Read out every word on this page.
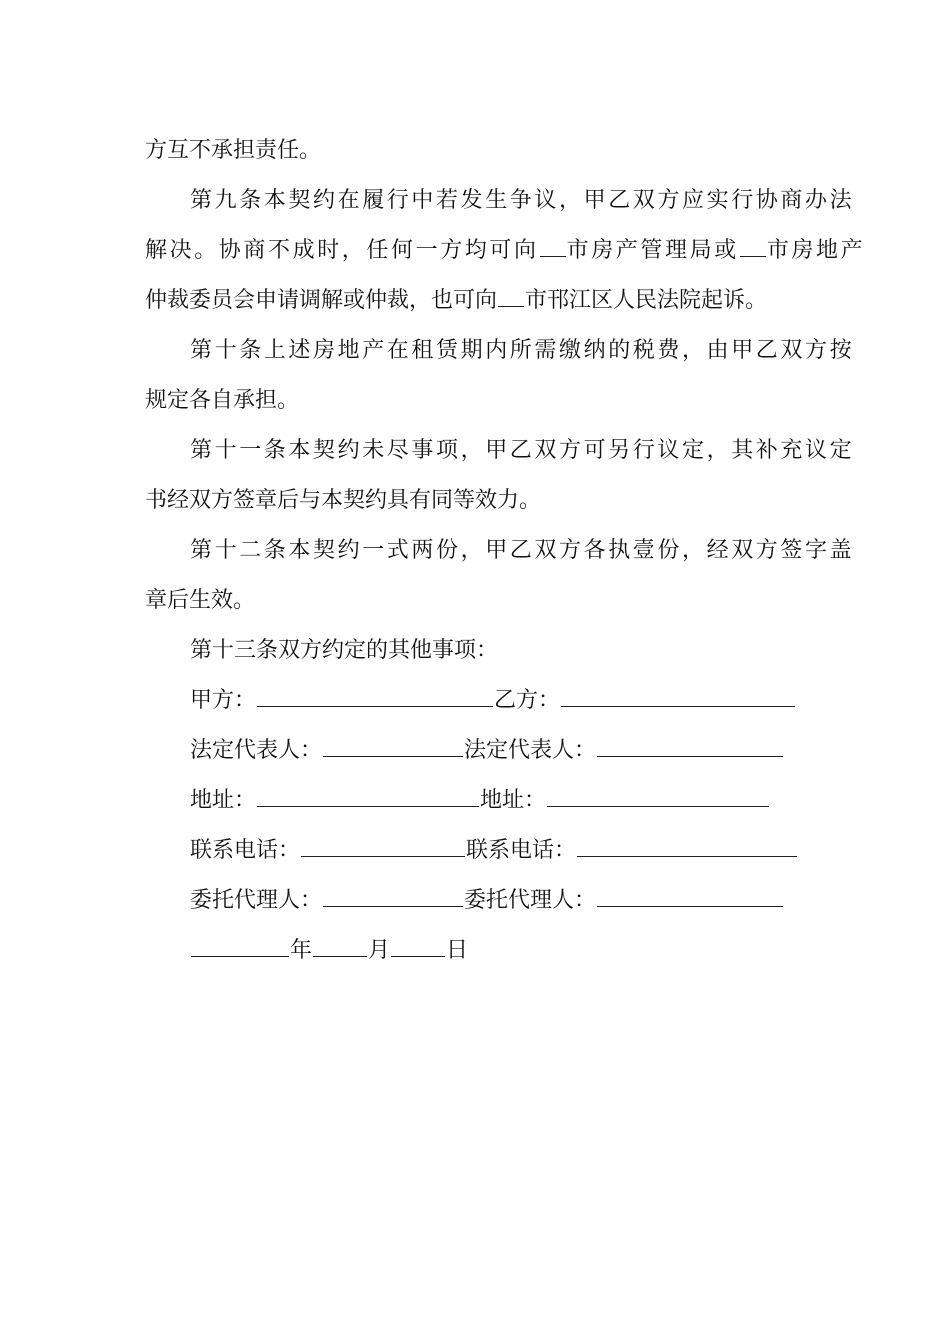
方互不承担责任。
第九条本契约在履行中若发生争议，甲乙双方应实行协商办法
解决。协商不成时，任何一方均可向 市房产管理局或 市房地产
仲裁委员会申请调解或仲裁，也可向 市邗江区人民法院起诉。
第十条上述房地产在租赁期内所需缴纳的税费，由甲乙双方按
规定各自承担。
第十一条本契约未尽事项，甲乙双方可另行议定，其补充议定
书经双方签章后与本契约具有同等效力。
第十二条本契约一式两份，甲乙双方各执壹份，经双方签字盖
章后生效。
第十三条双方约定的其他事项：
甲方：	乙方：
法定代表人：	法定代表人：
地址：	地址：
联系电话：	联系电话：
委托代理人：	委托代理人：
年	月	日
